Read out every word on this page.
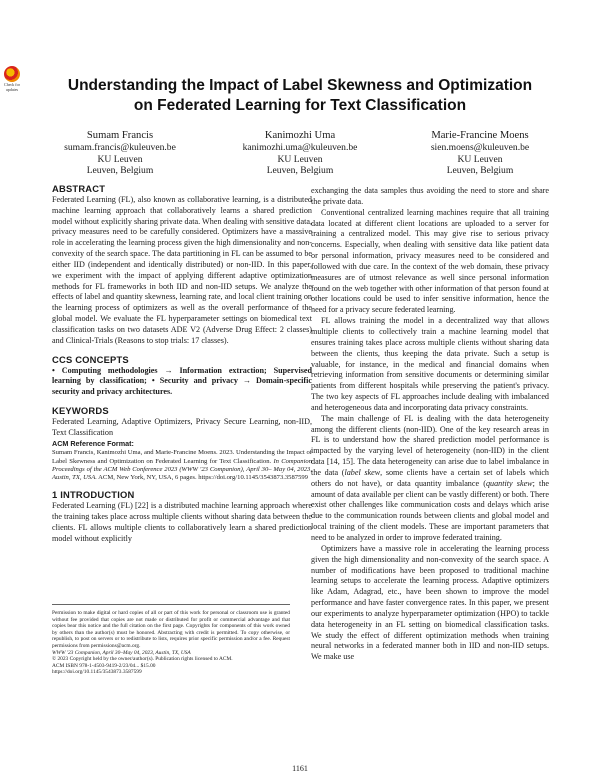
Check for updates	Understanding the Impact of Label Skewness and Optimization
on Federated Learning for Text Classification
Sumam Francis
sumam.francis@kuleuven.be
KU Leuven
Leuven, Belgium
Kanimozhi Uma
kanimozhi.uma@kuleuven.be
KU Leuven
Leuven, Belgium
Marie-Francine Moens
sien.moens@kuleuven.be
KU Leuven
Leuven, Belgium

ABSTRACT

Federated Learning (FL), also known as collaborative learning, is a distributed machine learning approach that collaboratively learns a shared prediction model without explicitly sharing private data. When dealing with sensitive data, privacy measures need to be carefully considered. Optimizers have a massive role in accelerating the learning process given the high dimensionality and non-convexity of the search space. The data partitioning in FL can be assumed to be either IID (independent and identically distributed) or non-IID. In this paper, we experiment with the impact of applying different adaptive optimization methods for FL frameworks in both IID and non-IID setups. We analyze the effects of label and quantity skewness, learning rate, and local client training on the learning process of optimizers as well as the overall performance of the global model. We evaluate the FL hyperparameter settings on biomedical text classification tasks on two datasets ADE V2 (Adverse Drug Effect: 2 classes) and Clinical-Trials (Reasons to stop trials: 17 classes).

CCS CONCEPTS

• Computing methodologies → Information extraction; Supervised learning by classification; • Security and privacy → Domain-specific security and privacy architectures.

KEYWORDS

Federated Learning, Adaptive Optimizers, Privacy Secure Learning, non-IID, Text Classification

ACM Reference Format:

Sumam Francis, Kanimozhi Uma, and Marie-Francine Moens. 2023. Understanding the Impact of Label Skewness and Optimization on Federated Learning for Text Classification. In Companion Proceedings of the ACM Web Conference 2023 (WWW '23 Companion), April 30– May 04, 2023, Austin, TX, USA. ACM, New York, NY, USA, 6 pages. https://doi.org/10.1145/3543873.3587599

1 INTRODUCTION

Federated Learning (FL) [22] is a distributed machine learning approach where the training takes place across multiple clients without sharing data between the clients. FL allows multiple clients to collaboratively learn a shared prediction model without explicitly

Permission to make digital or hard copies of all or part of this work for personal or classroom use is granted without fee provided that copies are not made or distributed for profit or commercial advantage and that copies bear this notice and the full citation on the first page. Copyrights for components of this work owned by others than the author(s) must be honored. Abstracting with credit is permitted. To copy otherwise, or republish, to post on servers or to redistribute to lists, requires prior specific permission and/or a fee. Request permissions from permissions@acm.org.

WWW '23 Companion, April 30–May 04, 2023, Austin, TX, USA

© 2023 Copyright held by the owner/author(s). Publication rights licensed to ACM.

ACM ISBN 978-1-4503-9419-2/23/04... $15.00

https://doi.org/10.1145/3543873.3587599

exchanging the data samples thus avoiding the need to store and share the private data.

Conventional centralized learning machines require that all training data located at different client locations are uploaded to a server for training a centralized model. This may give rise to serious privacy concerns. Especially, when dealing with sensitive data like patient data or personal information, privacy measures need to be considered and followed with due care. In the context of the web domain, these privacy measures are of utmost relevance as well since personal information found on the web together with other information of that person found at other locations could be used to infer sensitive information, hence the need for a privacy secure federated learning.

FL allows training the model in a decentralized way that allows multiple clients to collectively train a machine learning model that ensures training takes place across multiple clients without sharing data between the clients, thus keeping the data private. Such a setup is valuable, for instance, in the medical and financial domains when retrieving information from sensitive documents or determining similar patients from different hospitals while preserving the patient's privacy. The two key aspects of FL approaches include dealing with imbalanced and heterogeneous data and incorporating data privacy constraints.

The main challenge of FL is dealing with the data heterogeneity among the different clients (non-IID). One of the key research areas in FL is to understand how the shared prediction model performance is impacted by the varying level of heterogeneity (non-IID) in the client data [14, 15]. The data heterogeneity can arise due to label imbalance in the data (label skew, some clients have a certain set of labels which others do not have), or data quantity imbalance (quantity skew; the amount of data available per client can be vastly different) or both. There exist other challenges like communication costs and delays which arise due to the communication rounds between clients and global model and local training of the client models. These are important parameters that need to be analyzed in order to improve federated training.

Optimizers have a massive role in accelerating the learning process given the high dimensionality and non-convexity of the search space. A number of modifications have been proposed to traditional machine learning setups to accelerate the learning process. Adaptive optimizers like Adam, Adagrad, etc., have been shown to improve the model performance and have faster convergence rates. In this paper, we present our experiments to analyze hyperparameter optimization (HPO) to tackle data heterogeneity in an FL setting on biomedical classification tasks. We study the effect of different optimization methods when training neural networks in a federated manner both in IID and non-IID setups. We make use

1161
